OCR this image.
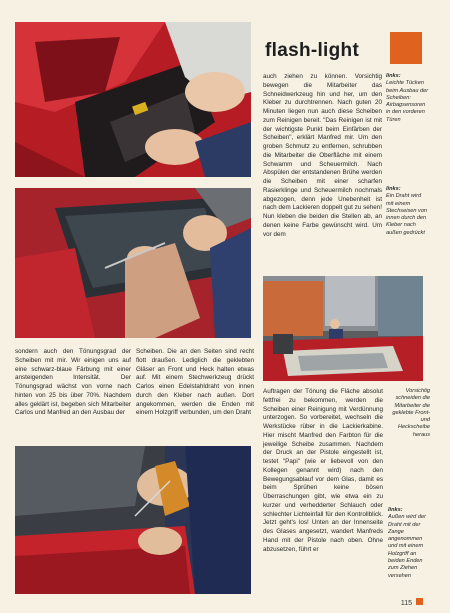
flash-light
auch ziehen zu können. Vorsichtig bewegen die Mitarbeiter das Schneidwerkzeug hin und her, um den Kleber zu durchtrennen. Nach guten 20 Minuten liegen nun auch diese Scheiben zum Reinigen bereit. "Das Reinigen ist mit der wichtigste Punkt beim Einfärben der Scheiben", erklärt Manfred mir. Um den groben Schmutz zu entfernen, schrubben die Mitarbeiter die Oberfläche mit einem Schwamm und Scheuermilch. Nach Abspülen der entstandenen Brühe werden die Scheiben mit einer scharfen Rasierklinge und Scheuermilch nochmals abgezogen, denn jede Unebenheit ist nach dem Lackieren doppelt gut zu sehen! Nun kleben die beiden die Stellen ab, an denen keine Farbe gewünscht wird. Um vor dem
links:
Leichte Tücken beim Ausbau der Scheiben: Airbagsensoren in den vorderen Türen
links:
Ein Draht wird mit einem Stechseisen von innen durch den Kleber nach außen gedrückt
Vorsichtig schneiden die Mitarbeiter die geklebte Front- und Heckscheibe heraus
sondern auch den Tönungsgrad der Scheiben mit mir. Wir einigen uns auf eine schwarz-blaue Färbung mit einer ansteigenden Intensität. Der Tönungsgrad wächst von vorne nach hinten von 25 bis über 70%. Nachdem alles geklärt ist, begeben sich Mitarbeiter Carlos und Manfred an den Ausbau der
Scheiben. Die an den Seiten sind recht flott draußen. Lediglich die geklebten Gläser an Front und Heck halten etwas auf. Mit einem Stechwerkzeug drückt Carlos einen Edelstahldraht von innen durch den Kleber nach außen. Dort angekommen, werden die Enden mit einem Holzgriff verbunden, um den Draht
Auftragen der Tönung die Fläche absolut fettfrei zu bekommen, werden die Scheiben einer Reinigung mit Verdünnung unterzogen. So vorbereitet, wechseln die Werkstücke rüber in die Lackierkabine. Hier mischt Manfred den Farbton für die jeweilige Scheibe zusammen. Nachdem der Druck an der Pistole eingestellt ist, testet "Papi" (wie er liebevoll von den Kollegen genannt wird) nach den Bewegungsablauf vor dem Glas, damit es beim Sprühen keine bösen Überraschungen gibt, wie etwa ein zu kurzer und verhedderter Schlauch oder schlechter Lichteinfall für den Kontrollblick. Jetzt geht's los! Unten an der Innenseite des Glases angesetzt, wandert Manfreds Hand mit der Pistole nach oben. Ohne abzusetzen, führt er
links:
Außen wird der Draht mit der Zange angenommen und mit einem Holzgriff an beiden Enden zum Ziehen versehen
115
